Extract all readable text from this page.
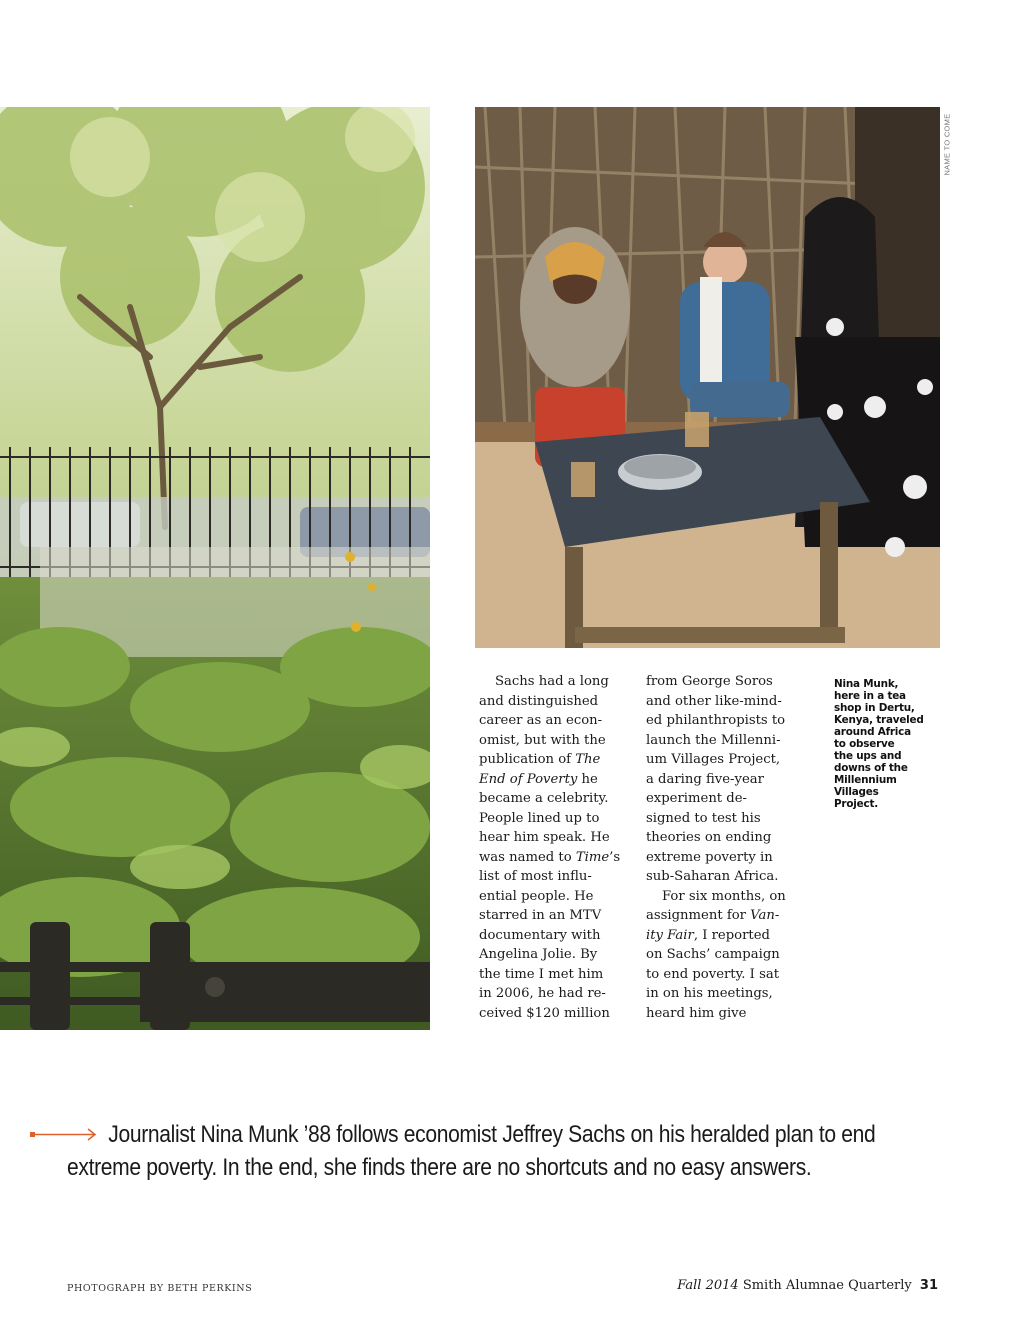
NAME TO COME

Sachs had a long
and distinguished
career as an econ-
omist, but with the
publication of The
End of Poverty he
became a celebrity.
People lined up to
hear him speak. He
was named to Time’s
list of most influ-
ential people. He
starred in an MTV
documentary with
Angelina Jolie. By
the time I met him
in 2006, he had re-
ceived $120 million

from George Soros
and other like-mind-
ed philanthropists to
launch the Millenni-
um Villages Project,
a daring five-year
experiment de-
signed to test his
theories on ending
extreme poverty in
sub-Saharan Africa.

For six months, on
assignment for Van-
ity Fair, I reported
on Sachs’ campaign
to end poverty. I sat
in on his meetings,
heard him give

Nina Munk,
here in a tea
shop in Dertu,
Kenya, traveled
around Africa
to observe
the ups and
downs of the
Millennium
Villages
Project.
Journalist Nina Munk ’88 follows economist Jeffrey Sachs on his heralded plan to end
extreme poverty. In the end, she finds there are no shortcuts and no easy answers.
PHOTOGRAPH BY BETH PERKINS	Fall 2014 Smith Alumnae Quarterly 31
